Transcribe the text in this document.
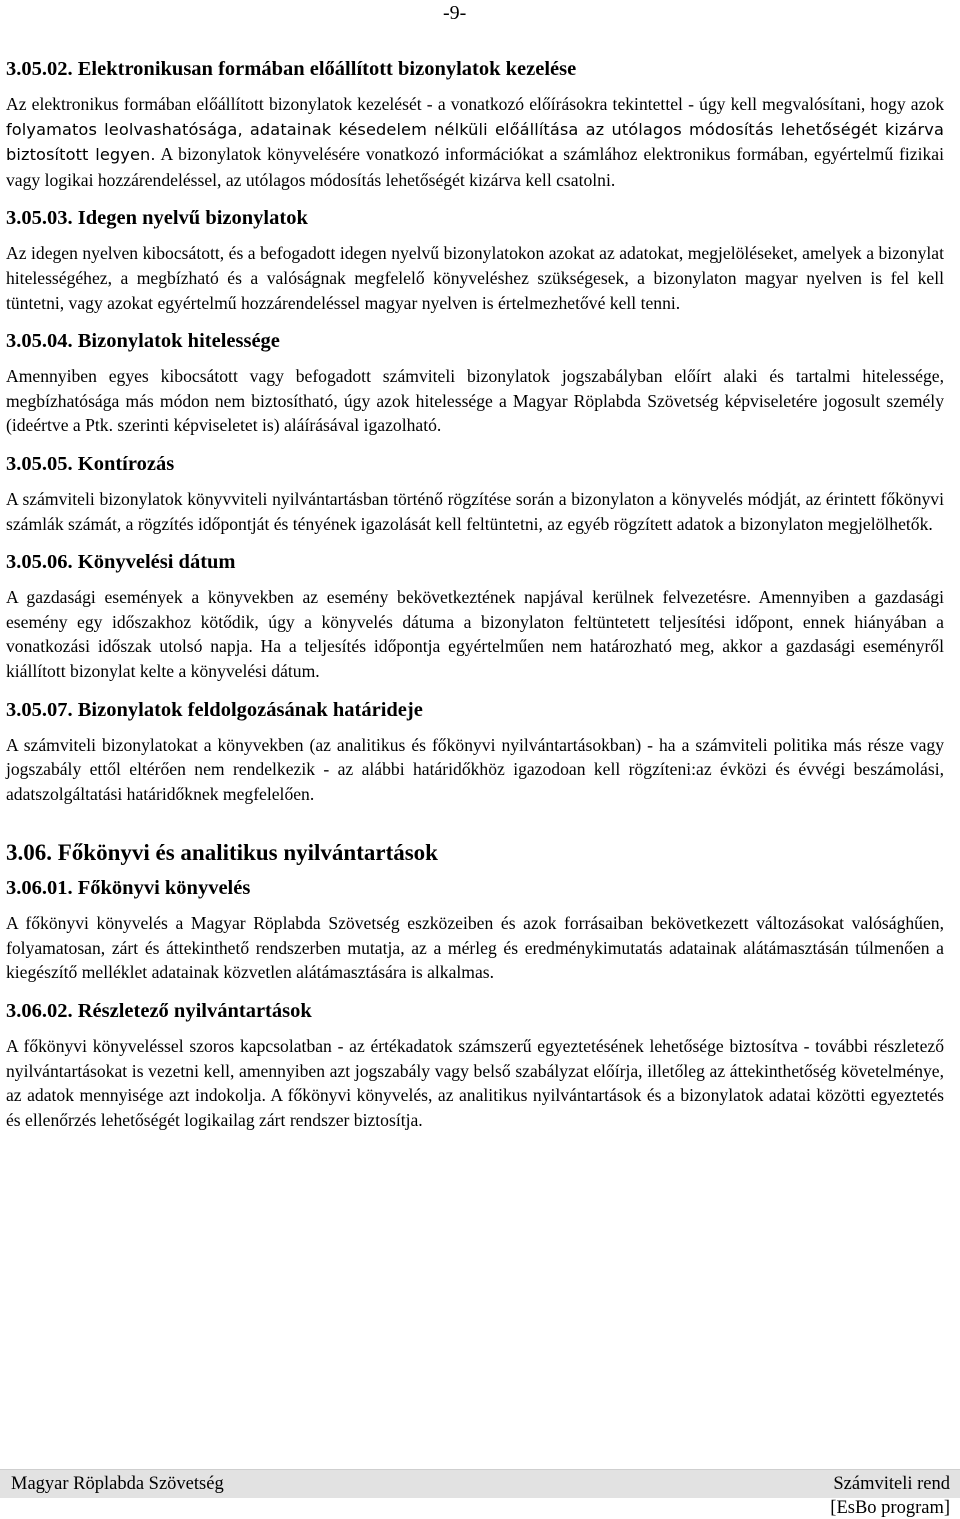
-9-
3.05.02. Elektronikusan formában előállított bizonylatok kezelése
Az elektronikus formában előállított bizonylatok kezelését - a vonatkozó előírásokra tekintettel - úgy kell megvalósítani, hogy azok folyamatos leolvashatósága, adatainak késedelem nélküli előállítása az utólagos módosítás lehetőségét kizárva biztosított legyen. A bizonylatok könyvelésére vonatkozó információkat a számlához elektronikus formában, egyértelmű fizikai vagy logikai hozzárendeléssel, az utólagos módosítás lehetőségét kizárva kell csatolni.
3.05.03. Idegen nyelvű bizonylatok
Az idegen nyelven kibocsátott, és a befogadott idegen nyelvű bizonylatokon azokat az adatokat, megjelöléseket, amelyek a bizonylat hitelességéhez, a megbízható és a valóságnak megfelelő könyveléshez szükségesek, a bizonylaton magyar nyelven is fel kell tüntetni, vagy azokat egyértelmű hozzárendeléssel magyar nyelven is értelmezhetővé kell tenni.
3.05.04. Bizonylatok hitelessége
Amennyiben egyes kibocsátott vagy befogadott számviteli bizonylatok jogszabályban előírt alaki és tartalmi hitelessége, megbízhatósága más módon nem biztosítható, úgy azok hitelessége a Magyar Röplabda Szövetség képviseletére jogosult személy (ideértve a Ptk. szerinti képviseletet is) aláírásával igazolható.
3.05.05. Kontírozás
A számviteli bizonylatok könyvviteli nyilvántartásban történő rögzítése során a bizonylaton a könyvelés módját, az érintett főkönyvi számlák számát, a rögzítés időpontját és tényének igazolását kell feltüntetni, az egyéb rögzített adatok a bizonylaton megjelölhetők.
3.05.06. Könyvelési dátum
A gazdasági események a könyvekben az esemény bekövetkeztének napjával kerülnek felvezetésre. Amennyiben a gazdasági esemény egy időszakhoz kötődik, úgy a könyvelés dátuma a bizonylaton feltüntetett teljesítési időpont, ennek hiányában a vonatkozási időszak utolsó napja. Ha a teljesítés időpontja egyértelműen nem határozható meg, akkor a gazdasági eseményről kiállított bizonylat kelte a könyvelési dátum.
3.05.07. Bizonylatok feldolgozásának határideje
A számviteli bizonylatokat a könyvekben (az analitikus és főkönyvi nyilvántartásokban) - ha a számviteli politika más része vagy jogszabály ettől eltérően nem rendelkezik - az alábbi határidőkhöz igazodoan kell rögzíteni:az évközi és évvégi beszámolási, adatszolgáltatási határidőknek megfelelően.
3.06. Főkönyvi és analitikus nyilvántartások
3.06.01. Főkönyvi könyvelés
A főkönyvi könyvelés a Magyar Röplabda Szövetség eszközeiben és azok forrásaiban bekövetkezett változásokat valósághűen, folyamatosan, zárt és áttekinthető rendszerben mutatja, az a mérleg és eredménykimutatás adatainak alátámasztásán túlmenően a kiegészítő melléklet adatainak közvetlen alátámasztására is alkalmas.
3.06.02. Részletező nyilvántartások
A főkönyvi könyveléssel szoros kapcsolatban - az értékadatok számszerű egyeztetésének lehetősége biztosítva - további részletező nyilvántartásokat is vezetni kell, amennyiben azt jogszabály vagy belső szabályzat előírja, illetőleg az áttekinthetőség követelménye, az adatok mennyisége azt indokolja. A főkönyvi könyvelés, az analitikus nyilvántartások és a bizonylatok adatai közötti egyeztetés és ellenőrzés lehetőségét logikailag zárt rendszer biztosítja.
Magyar Röplabda Szövetség	Számviteli rend
[EsBo program]
